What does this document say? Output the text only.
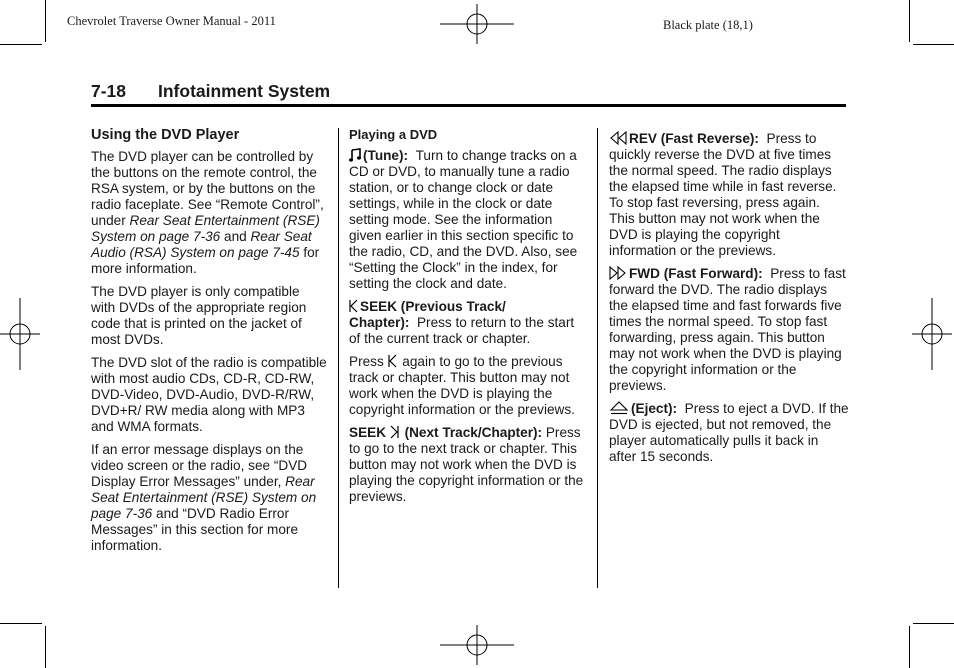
Chevrolet Traverse Owner Manual - 2011	Black plate (18,1)
7-18 Infotainment System
Using the DVD Player

The DVD player can be controlled by the buttons on the remote control, the RSA system, or by the buttons on the radio faceplate. See “Remote Control”, under Rear Seat Entertainment (RSE) System on page 7-36 and Rear Seat Audio (RSA) System on page 7-45 for more information.

The DVD player is only compatible with DVDs of the appropriate region code that is printed on the jacket of most DVDs.

The DVD slot of the radio is compatible with most audio CDs, CD-R, CD-RW, DVD-Video, DVD-Audio, DVD-R/RW, DVD+R/ RW media along with MP3 and WMA formats.

If an error message displays on the video screen or the radio, see “DVD Display Error Messages” under, Rear Seat Entertainment (RSE) System on page 7-36 and “DVD Radio Error Messages” in this section for more information.

Playing a DVD

(Tune): Turn to change tracks on a CD or DVD, to manually tune a radio station, or to change clock or date settings, while in the clock or date setting mode. See the information given earlier in this section specific to the radio, CD, and the DVD. Also, see “Setting the Clock” in the index, for setting the clock and date.

SEEK (Previous Track/ Chapter): Press to return to the start of the current track or chapter.

Press  again to go to the previous track or chapter. This button may not work when the DVD is playing the copyright information or the previews.

SEEK  (Next Track/Chapter): Press to go to the next track or chapter. This button may not work when the DVD is playing the copyright information or the previews.

REV (Fast Reverse): Press to quickly reverse the DVD at five times the normal speed. The radio displays the elapsed time while in fast reverse. To stop fast reversing, press again. This button may not work when the DVD is playing the copyright information or the previews.

FWD (Fast Forward): Press to fast forward the DVD. The radio displays the elapsed time and fast forwards five times the normal speed. To stop fast forwarding, press again. This button may not work when the DVD is playing the copyright information or the previews.

(Eject): Press to eject a DVD. If the DVD is ejected, but not removed, the player automatically pulls it back in after 15 seconds.
